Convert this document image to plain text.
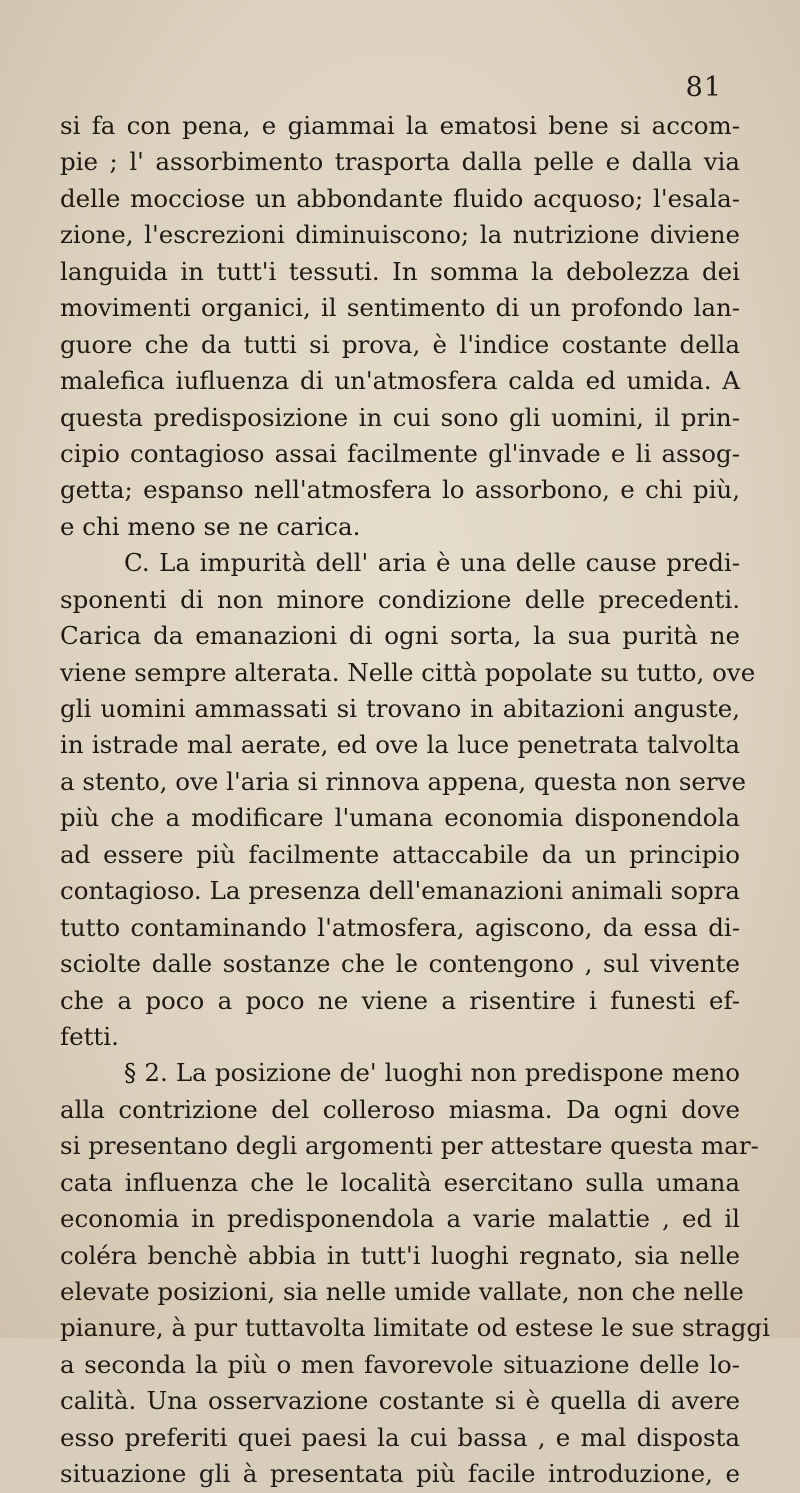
81
si fa con pena, e giammai la ematosi bene si accom-
pie ; l' assorbimento trasporta dalla pelle e dalla via
delle mocciose un abbondante fluido acquoso; l'esala-
zione, l'escrezioni diminuiscono; la nutrizione diviene
languida in tutt'i tessuti. In somma la debolezza dei
movimenti organici, il sentimento di un profondo lan-
guore che da tutti si prova, è l'indice costante della
malefica iufluenza di un'atmosfera calda ed umida. A
questa predisposizione in cui sono gli uomini, il prin-
cipio contagioso assai facilmente gl'invade e li assog-
getta; espanso nell'atmosfera lo assorbono, e chi più,
e chi meno se ne carica.
C. La impurità dell' aria è una delle cause predi-
sponenti di non minore condizione delle precedenti.
Carica da emanazioni di ogni sorta, la sua purità ne
viene sempre alterata. Nelle città popolate su tutto, ove
gli uomini ammassati si trovano in abitazioni anguste,
in istrade mal aerate, ed ove la luce penetrata talvolta
a stento, ove l'aria si rinnova appena, questa non serve
più che a modificare l'umana economia disponendola
ad essere più facilmente attaccabile da un principio
contagioso. La presenza dell'emanazioni animali sopra
tutto contaminando l'atmosfera, agiscono, da essa di-
sciolte dalle sostanze che le contengono , sul vivente
che a poco a poco ne viene a risentire i funesti ef-
fetti.
§ 2. La posizione de' luoghi non predispone meno
alla contrizione del colleroso miasma. Da ogni dove
si presentano degli argomenti per attestare questa mar-
cata influenza che le località esercitano sulla umana
economia in predisponendola a varie malattie , ed il
coléra benchè abbia in tutt'i luoghi regnato, sia nelle
elevate posizioni, sia nelle umide vallate, non che nelle
pianure, à pur tuttavolta limitate od estese le sue straggi
a seconda la più o men favorevole situazione delle lo-
calità. Una osservazione costante si è quella di avere
esso preferiti quei paesi la cui bassa , e mal disposta
situazione gli à presentata più facile introduzione, e
